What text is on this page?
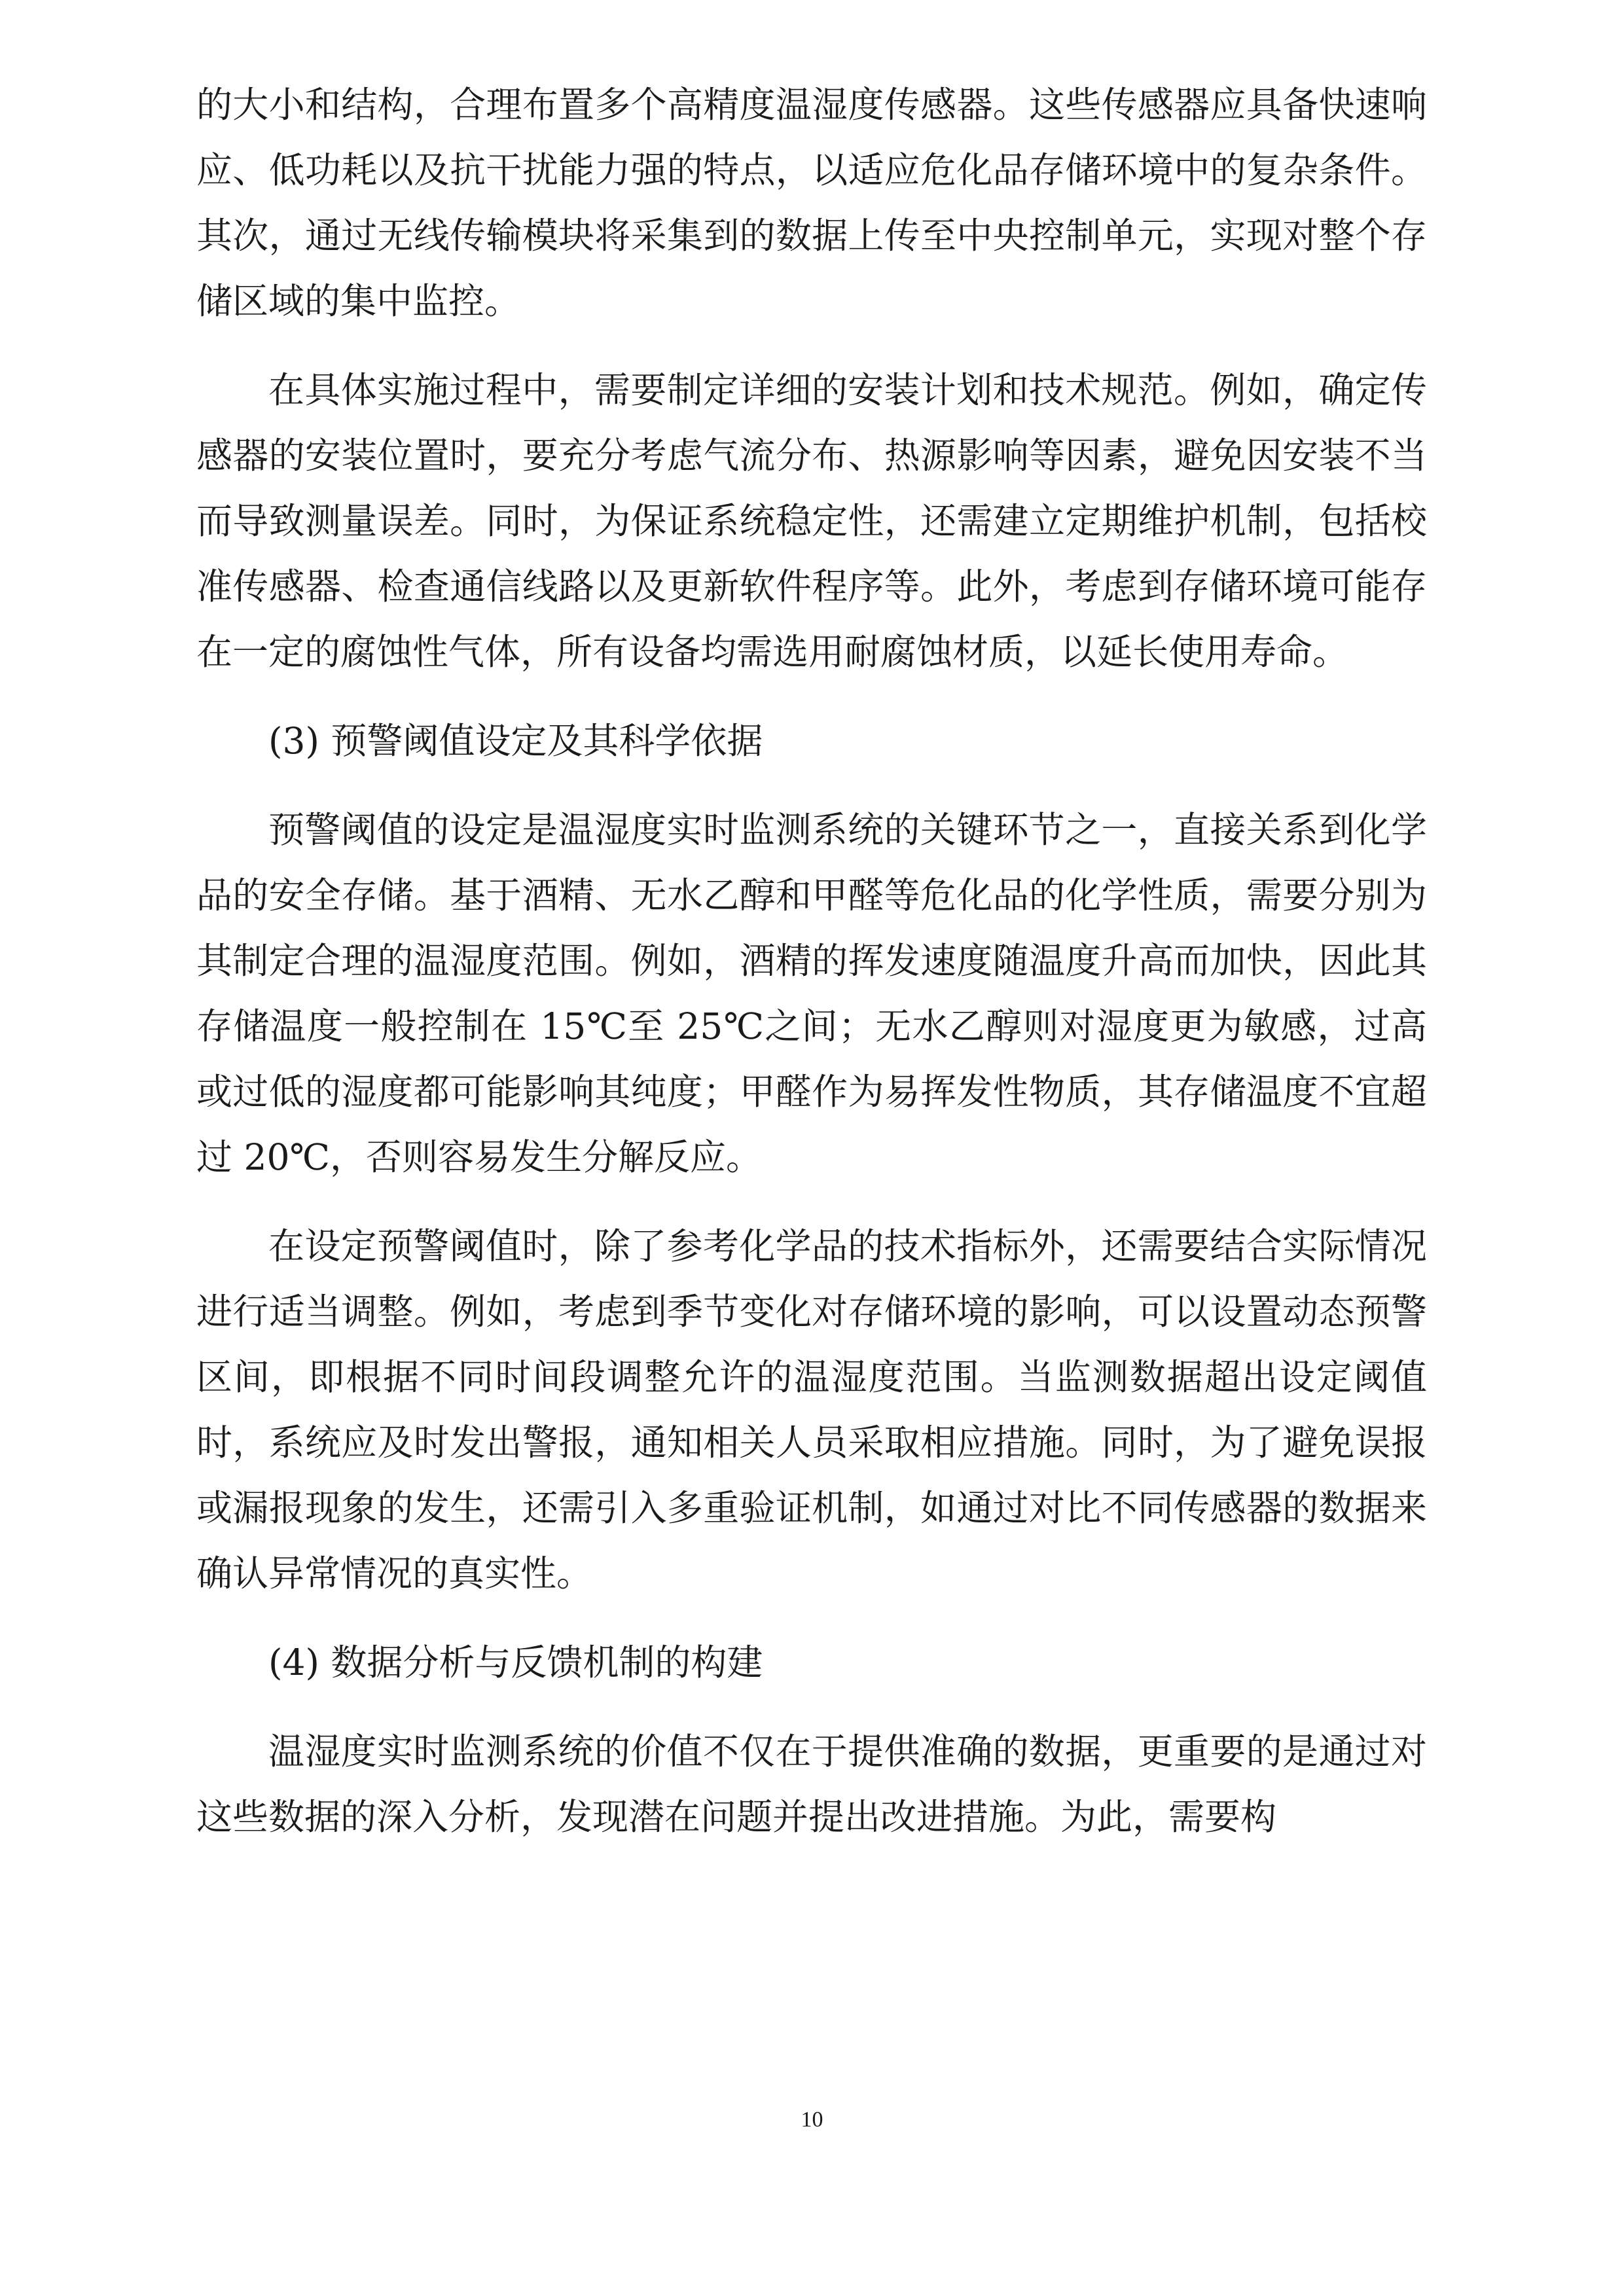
的大小和结构，合理布置多个高精度温湿度传感器。这些传感器应具备快速响应、低功耗以及抗干扰能力强的特点，以适应危化品存储环境中的复杂条件。其次，通过无线传输模块将采集到的数据上传至中央控制单元，实现对整个存储区域的集中监控。

在具体实施过程中，需要制定详细的安装计划和技术规范。例如，确定传感器的安装位置时，要充分考虑气流分布、热源影响等因素，避免因安装不当而导致测量误差。同时，为保证系统稳定性，还需建立定期维护机制，包括校准传感器、检查通信线路以及更新软件程序等。此外，考虑到存储环境可能存在一定的腐蚀性气体，所有设备均需选用耐腐蚀材质，以延长使用寿命。

(3) 预警阈值设定及其科学依据

预警阈值的设定是温湿度实时监测系统的关键环节之一，直接关系到化学品的安全存储。基于酒精、无水乙醇和甲醛等危化品的化学性质，需要分别为其制定合理的温湿度范围。例如，酒精的挥发速度随温度升高而加快，因此其存储温度一般控制在 15℃至 25℃之间；无水乙醇则对湿度更为敏感，过高或过低的湿度都可能影响其纯度；甲醛作为易挥发性物质，其存储温度不宜超过 20℃，否则容易发生分解反应。

在设定预警阈值时，除了参考化学品的技术指标外，还需要结合实际情况进行适当调整。例如，考虑到季节变化对存储环境的影响，可以设置动态预警区间，即根据不同时间段调整允许的温湿度范围。当监测数据超出设定阈值时，系统应及时发出警报，通知相关人员采取相应措施。同时，为了避免误报或漏报现象的发生，还需引入多重验证机制，如通过对比不同传感器的数据来确认异常情况的真实性。

(4) 数据分析与反馈机制的构建

温湿度实时监测系统的价值不仅在于提供准确的数据，更重要的是通过对这些数据的深入分析，发现潜在问题并提出改进措施。为此，需要构

10
